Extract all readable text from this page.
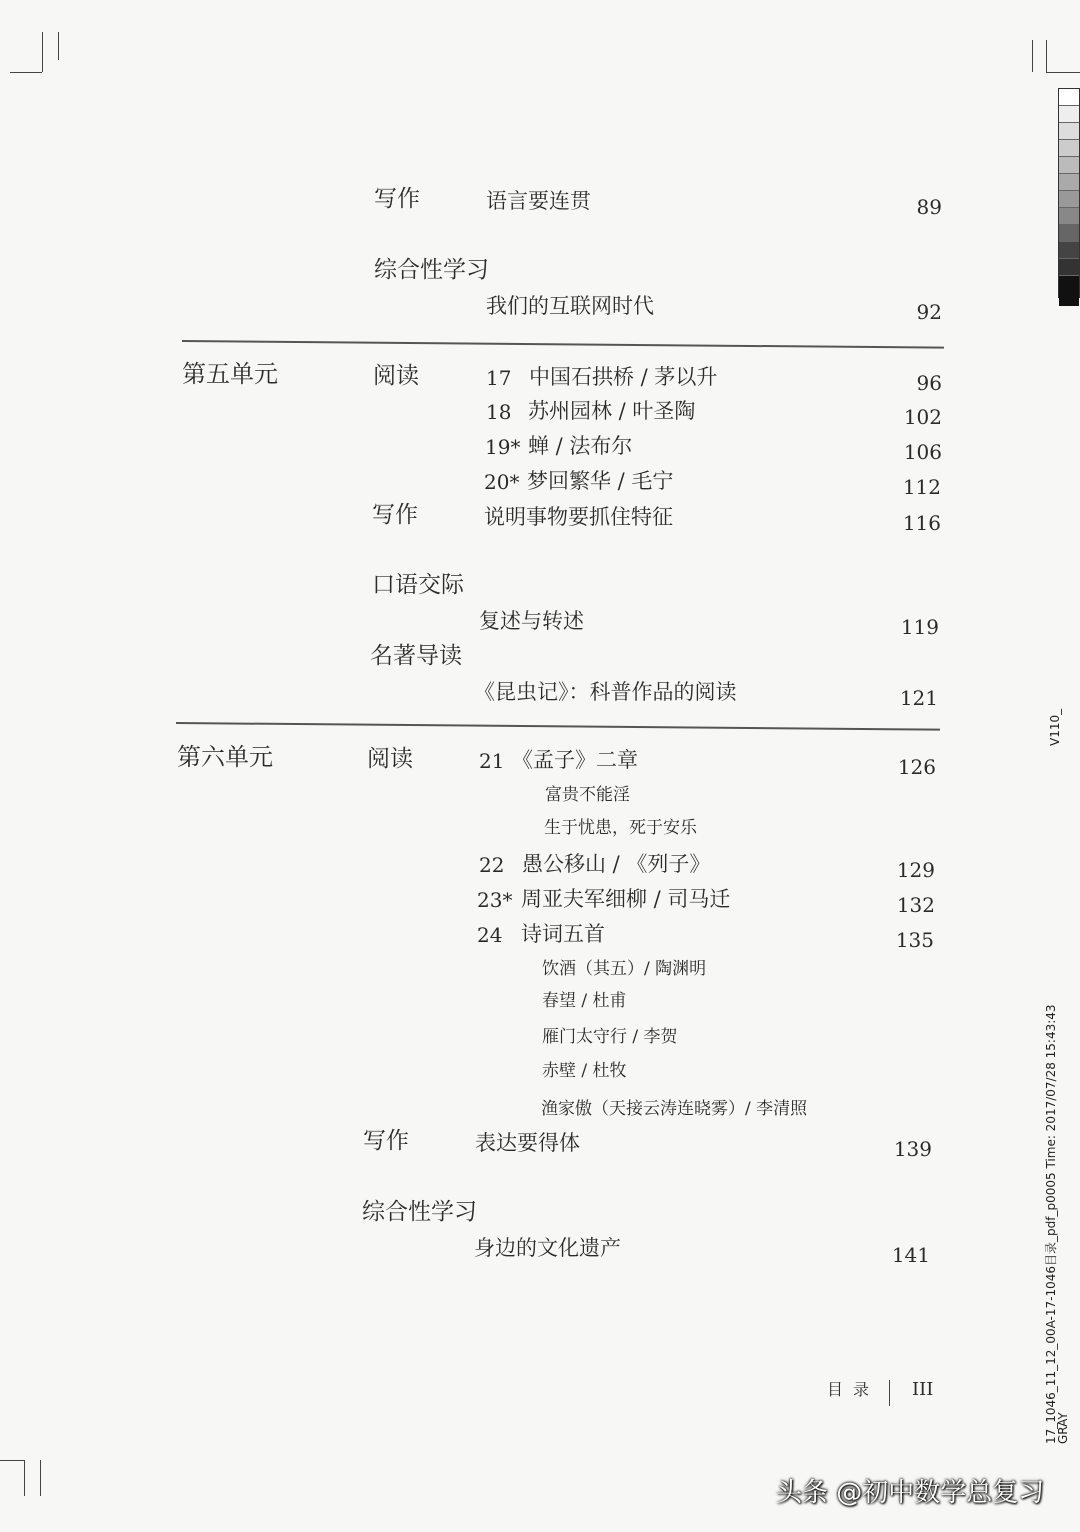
V110_
17_1046_11_12_00A-17-1046目录_pdf_p0005 Time: 2017/07/28 15:43:43
GRAY
写作	语言要连贯	89
综合性学习
我们的互联网时代	92
第五单元	阅读	17 中国石拱桥 / 茅以升	96
18 苏州园林 / 叶圣陶	102
19* 蝉 / 法布尔	106
20* 梦回繁华 / 毛宁	112
写作	说明事物要抓住特征	116
口语交际
复述与转述	119
名著导读
《昆虫记》：科普作品的阅读	121
第六单元	阅读	21 《孟子》二章	126
富贵不能淫
生于忧患，死于安乐
22 愚公移山 / 《列子》	129
23* 周亚夫军细柳 / 司马迁	132
24 诗词五首	135
饮酒（其五）/ 陶渊明
春望 / 杜甫
雁门太守行 / 李贺
赤壁 / 杜牧
渔家傲（天接云涛连晓雾）/ 李清照
写作	表达要得体	139
综合性学习
身边的文化遗产	141
目录 III
头条 @初中数学总复习
